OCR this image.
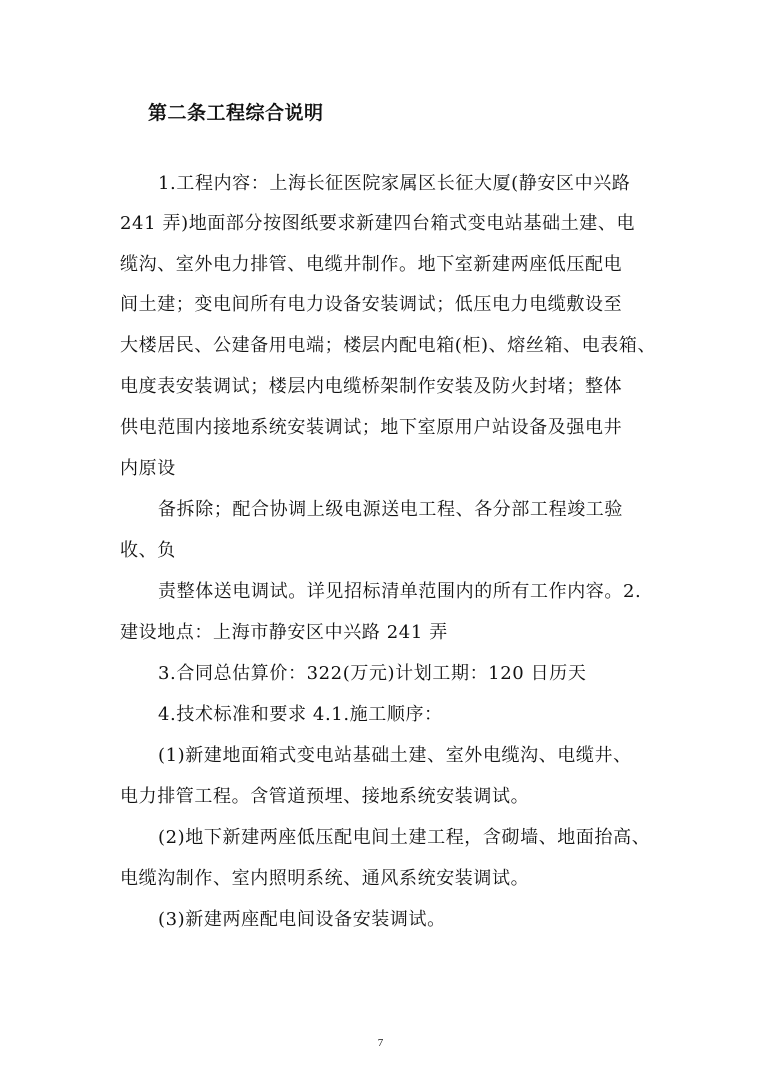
第二条工程综合说明
1.工程内容：上海长征医院家属区长征大厦(静安区中兴路
241 弄)地面部分按图纸要求新建四台箱式变电站基础土建、电
缆沟、室外电力排管、电缆井制作。地下室新建两座低压配电
间土建；变电间所有电力设备安装调试；低压电力电缆敷设至
大楼居民、公建备用电端；楼层内配电箱(柜)、熔丝箱、电表箱、
电度表安装调试；楼层内电缆桥架制作安装及防火封堵；整体
供电范围内接地系统安装调试；地下室原用户站设备及强电井
内原设
备拆除；配合协调上级电源送电工程、各分部工程竣工验
收、负
责整体送电调试。详见招标清单范围内的所有工作内容。2.
建设地点：上海市静安区中兴路 241 弄
3.合同总估算价：322(万元)计划工期：120 日历天
4.技术标准和要求 4.1.施工顺序：
(1)新建地面箱式变电站基础土建、室外电缆沟、电缆井、
电力排管工程。含管道预埋、接地系统安装调试。
(2)地下新建两座低压配电间土建工程，含砌墙、地面抬高、
电缆沟制作、室内照明系统、通风系统安装调试。
(3)新建两座配电间设备安装调试。
7
